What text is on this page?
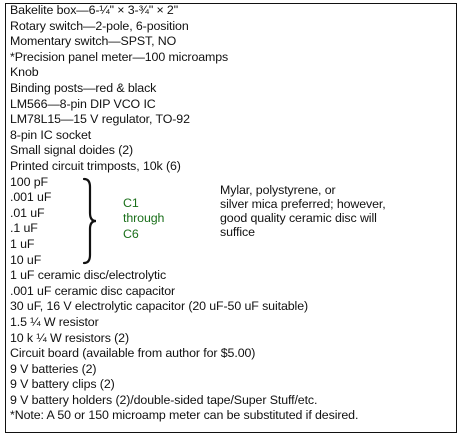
Bakelite box—6-¼" × 3-¾" × 2"
Rotary switch—2-pole, 6-position
Momentary switch—SPST, NO
*Precision panel meter—100 microamps
Knob
Binding posts—red & black
LM566—8-pin DIP VCO IC
LM78L15—15 V regulator, TO-92
8-pin IC socket
Small signal doides (2)
Printed circuit trimposts, 10k (6)
100 pF
.001 uF
.01 uF
.1 uF
1 uF
10 uF
C1
through
C6
Mylar, polystyrene, or
silver mica preferred; however,
good quality ceramic disc will
suffice
1 uF ceramic disc/electrolytic
.001 uF ceramic disc capacitor
30 uF, 16 V electrolytic capacitor (20 uF-50 uF suitable)
1.5 ¼ W resistor
10 k ¼ W resistors (2)
Circuit board (available from author for $5.00)
9 V batteries (2)
9 V battery clips (2)
9 V battery holders (2)/double-sided tape/Super Stuff/etc.
*Note: A 50 or 150 microamp meter can be substituted if desired.
